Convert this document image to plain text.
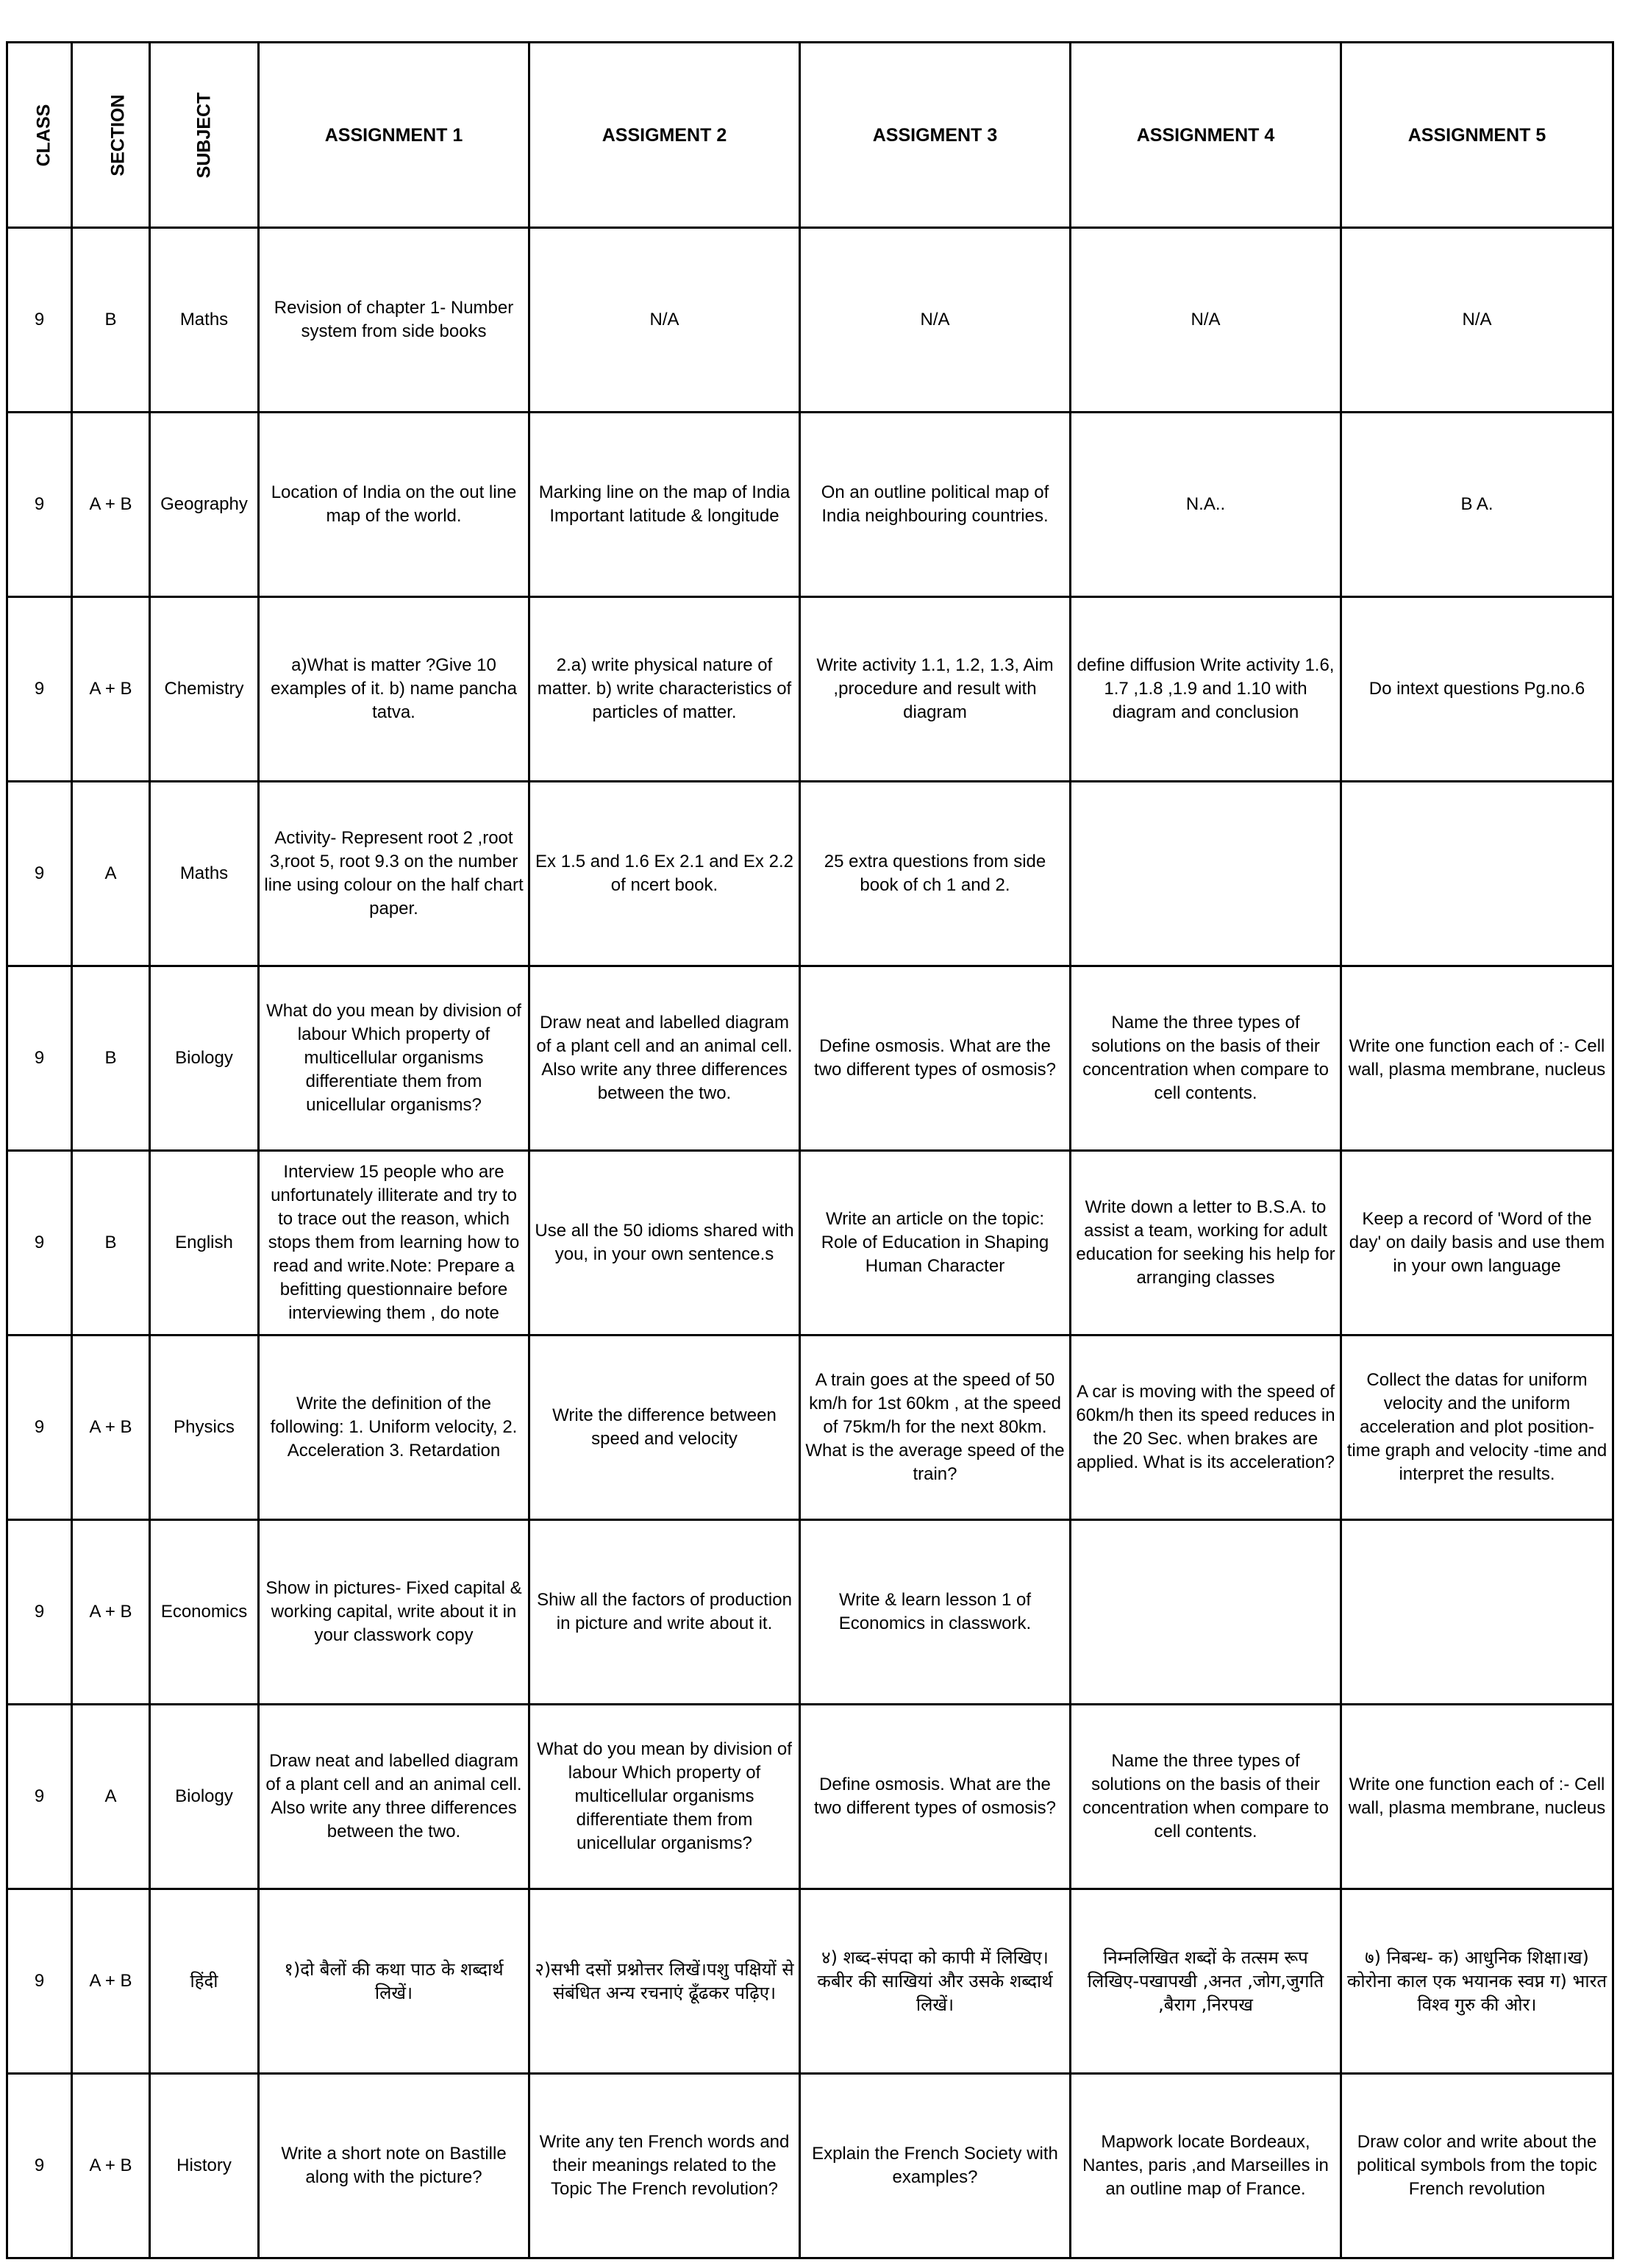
CLASS	SECTION	SUBJECT	ASSIGNMENT 1	ASSIGMENT 2	ASSIGMENT 3	ASSIGNMENT 4	ASSIGNMENT 5

9	B	Maths	Revision of chapter 1- Number system from side books	N/A	N/A	N/A	N/A

9	A + B	Geography	Location of India on the out line map of the world.	Marking line on the map of India Important latitude & longitude	On an outline political map of India neighbouring countries.	N.A..	B A.

9	A + B	Chemistry	a)What is matter ?Give 10 examples of it. b) name pancha tatva.	2.a) write physical nature of matter. b) write characteristics of particles of matter.	Write activity 1.1, 1.2, 1.3, Aim ,procedure and result with diagram	define diffusion Write activity 1.6, 1.7 ,1.8 ,1.9 and 1.10 with diagram and conclusion	Do intext questions Pg.no.6

9	A	Maths	Activity- Represent root 2 ,root 3,root 5, root 9.3 on the number line using colour on the half chart paper.	Ex 1.5 and 1.6 Ex 2.1 and Ex 2.2 of ncert book.	25 extra questions from side book of ch 1 and 2.		

9	B	Biology	What do you mean by division of labour Which property of multicellular organisms differentiate them from unicellular organisms?	Draw neat and labelled diagram of a plant cell and an animal cell. Also write any three differences between the two.	Define osmosis. What are the two different types of osmosis?	Name the three types of solutions on the basis of their concentration when compare to cell contents.	Write one function each of :- Cell wall, plasma membrane, nucleus

9	B	English	Interview 15 people who are unfortunately illiterate and try to to trace out the reason, which stops them from learning how to read and write.Note: Prepare a befitting questionnaire before interviewing them , do note	Use all the 50 idioms shared with you, in your own sentence.s	Write an article on the topic: Role of Education in Shaping Human Character	Write down a letter to B.S.A. to assist a team, working for adult education for seeking his help for arranging classes	Keep a record of 'Word of the day' on daily basis and use them in your own language

9	A + B	Physics	Write the definition of the following: 1. Uniform velocity, 2. Acceleration 3. Retardation	Write the difference between speed and velocity	A train goes at the speed of 50 km/h for 1st 60km , at the speed of 75km/h for the next 80km. What is the average speed of the train?	A car is moving with the speed of 60km/h then its speed reduces in the 20 Sec. when brakes are applied. What is its acceleration?	Collect the datas for uniform velocity and the uniform acceleration and plot position-time graph and velocity -time and interpret the results.

9	A + B	Economics	Show in pictures- Fixed capital & working capital, write about it in your classwork copy	Shiw all the factors of production in picture and write about it.	Write & learn lesson 1 of Economics in classwork.		

9	A	Biology	Draw neat and labelled diagram of a plant cell and an animal cell. Also write any three differences between the two.	What do you mean by division of labour Which property of multicellular organisms differentiate them from unicellular organisms?	Define osmosis. What are the two different types of osmosis?	Name the three types of solutions on the basis of their concentration when compare to cell contents.	Write one function each of :- Cell wall, plasma membrane, nucleus

9	A + B	हिंदी	१)दो बैलों की कथा पाठ के शब्दार्थ लिखें।	२)सभी दसों प्रश्नोत्तर लिखें।पशु पक्षियों से संबंधित अन्य रचनाएं ढूँढकर पढ़िए।	४) शब्द-संपदा को कापी में लिखिए। कबीर की साखियां और उसके शब्दार्थ लिखें।	निम्नलिखित शब्दों के तत्सम रूप लिखिए-पखापखी ,अनत ,जोग,जुगति ,बैराग ,निरपख	७) निबन्ध- क) आधुनिक शिक्षा।ख) कोरोना काल एक भयानक स्वप्न ग) भारत विश्व गुरु की ओर।

9	A + B	History	Write a short note on Bastille along with the picture?	Write any ten French words and their meanings related to the Topic The French revolution?	Explain the French Society with examples?	Mapwork locate Bordeaux, Nantes, paris ,and Marseilles in an outline map of France.	Draw color and write about the political symbols from the topic French revolution
